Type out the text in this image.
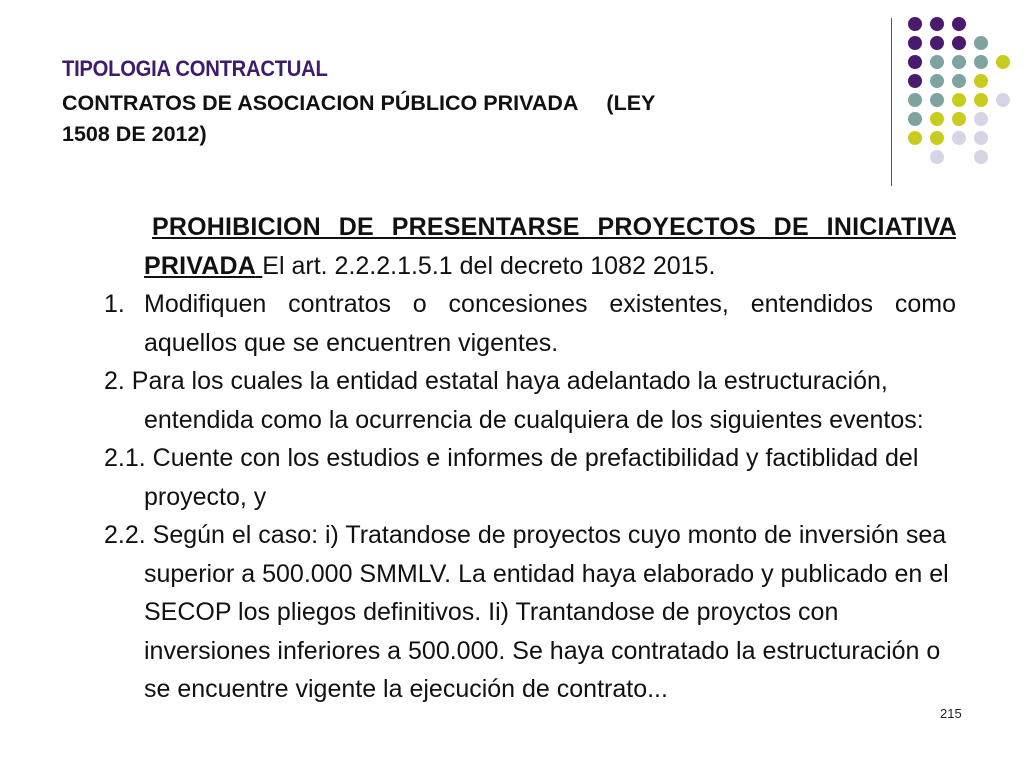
TIPOLOGIA CONTRACTUAL
CONTRATOS DE ASOCIACION PÚBLICO PRIVADA (LEY
1508 DE 2012)
PROHIBICION DE PRESENTARSE PROYECTOS DE INICIATIVA PRIVADA El art. 2.2.2.1.5.1 del decreto 1082 2015.
1. Modifiquen contratos o concesiones existentes, entendidos como aquellos que se encuentren vigentes.
2. Para los cuales la entidad estatal haya adelantado la estructuración, entendida como la ocurrencia de cualquiera de los siguientes eventos:
2.1. Cuente con los estudios e informes de prefactibilidad y factiblidad del proyecto, y
2.2. Según el caso: i) Tratandose de proyectos cuyo monto de inversión sea superior a 500.000 SMMLV. La entidad haya elaborado y publicado en el SECOP los pliegos definitivos. Ii) Trantandose de proyctos con inversiones inferiores a 500.000. Se haya contratado la estructuración o se encuentre vigente la ejecución de contrato...
215
